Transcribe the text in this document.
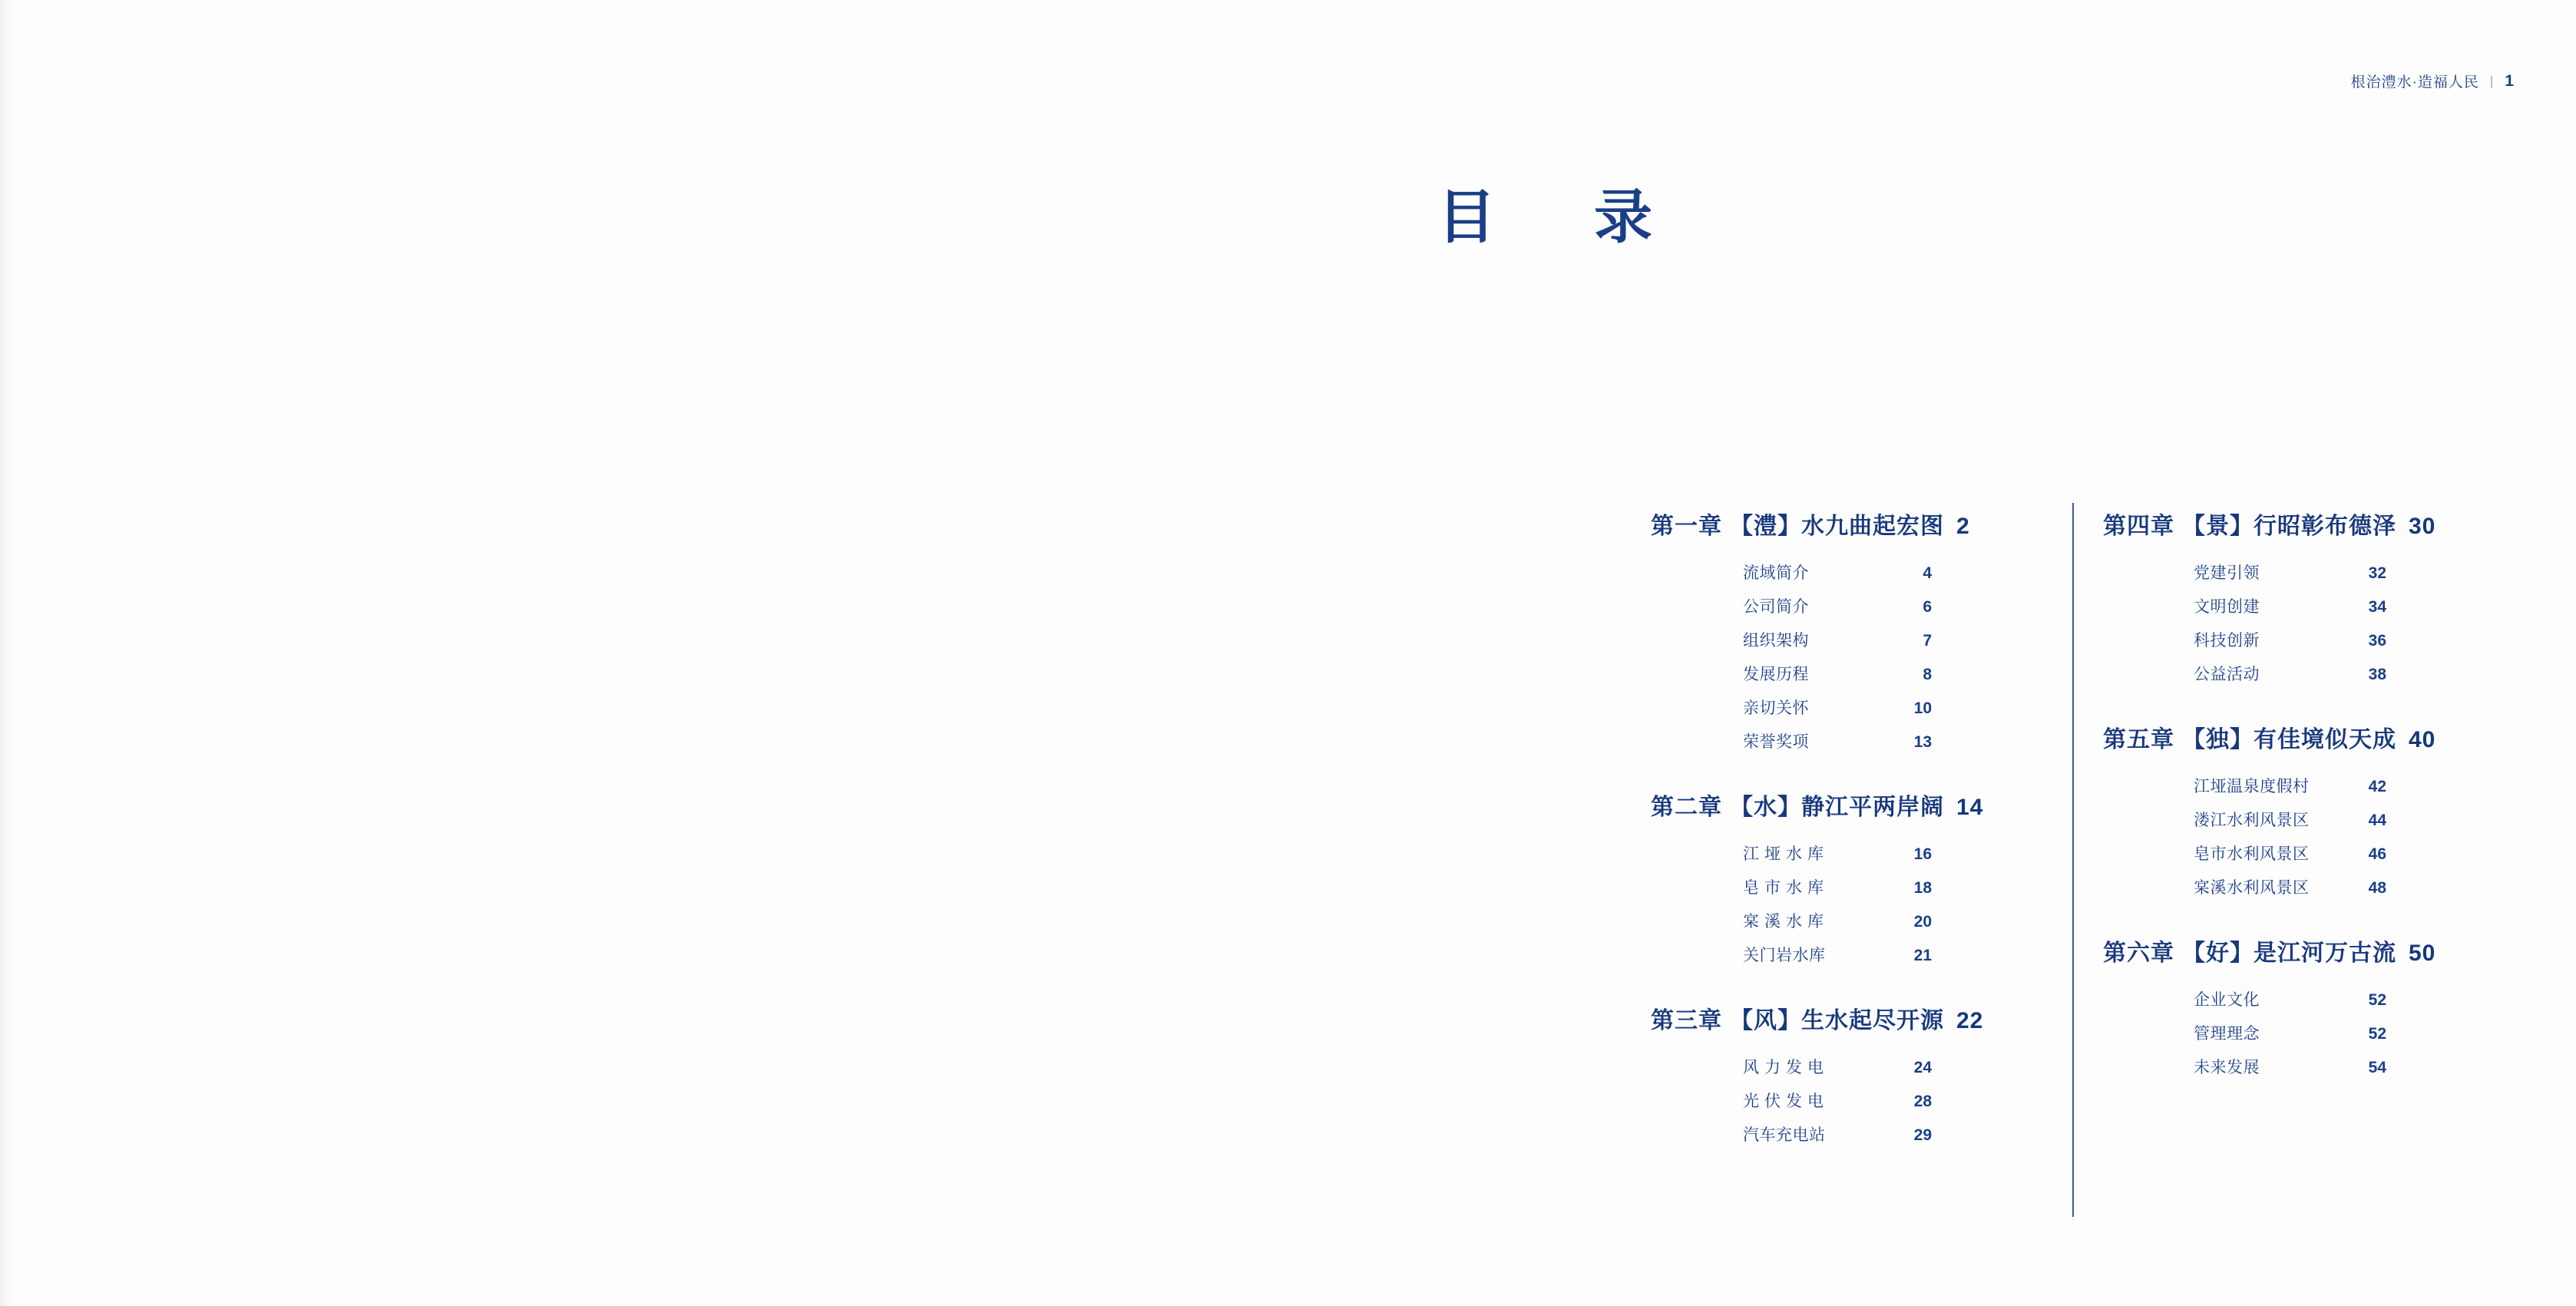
根治澧水·造福人民 | 1
目　录
第一章 【澧】水九曲起宏图 2
流域简介	4
公司简介	6
组织架构	7
发展历程	8
亲切关怀	10
荣誉奖项	13
第二章 【水】静江平两岸阔 14
江垭水库	16
皂市水库	18
宲溪水库	20
关门岩水库	21
第三章 【风】生水起尽开源 22
风力发电	24
光伏发电	28
汽车充电站	29
第四章 【景】行昭彰布德泽 30
党建引领	32
文明创建	34
科技创新	36
公益活动	38
第五章 【独】有佳境似天成 40
江垭温泉度假村	42
溇江水利风景区	44
皂市水利风景区	46
宲溪水利风景区	48
第六章 【好】是江河万古流 50
企业文化	52
管理理念	52
未来发展	54
